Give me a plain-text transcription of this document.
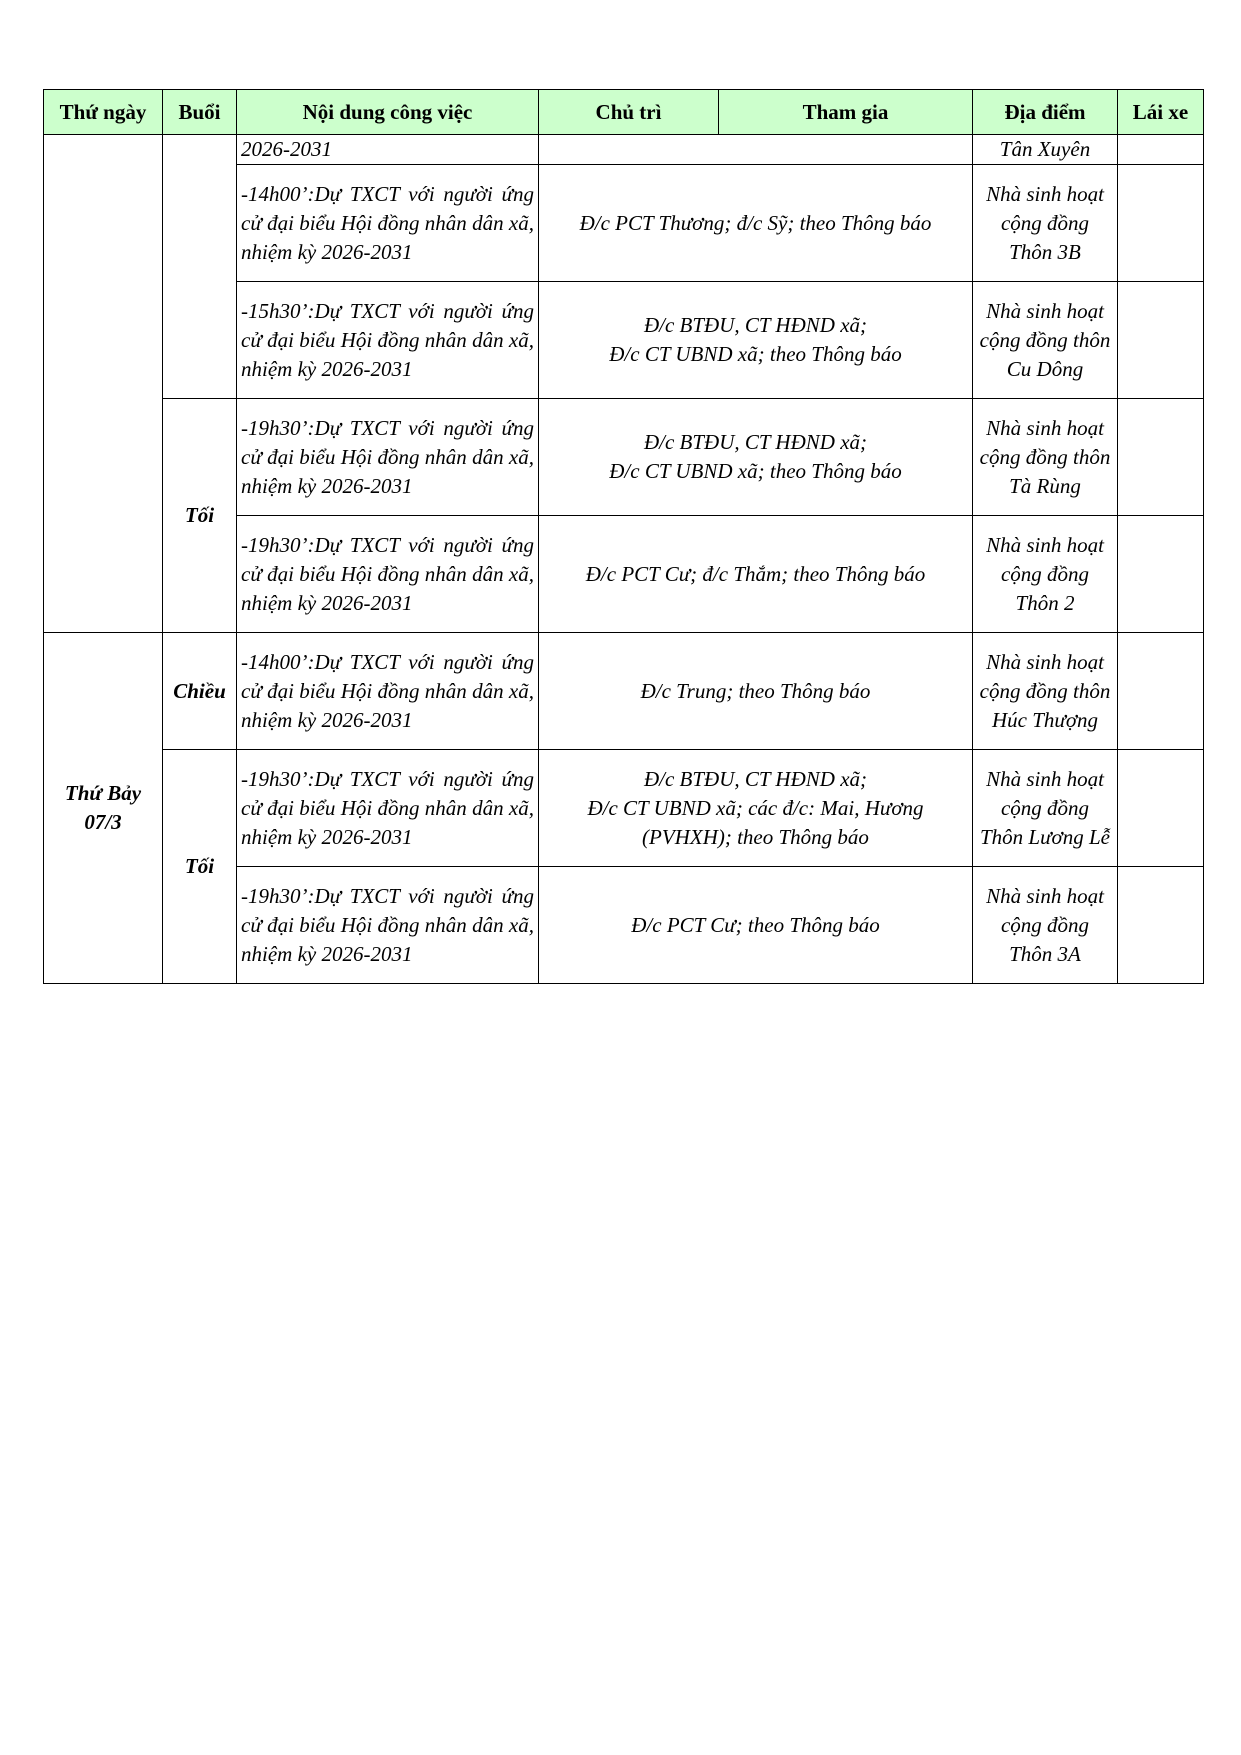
Thứ ngày	Buổi	Nội dung công việc	Chủ trì	Tham gia	Địa điểm	Lái xe
		2026-2031			Tân Xuyên	
		-14h00’:Dự TXCT với người ứng cử đại biểu Hội đồng nhân dân xã, nhiệm kỳ 2026-2031	Đ/c PCT Thương; đ/c Sỹ; theo Thông báo		Nhà sinh hoạt cộng đồng Thôn 3B	
		-15h30’:Dự TXCT với người ứng cử đại biểu Hội đồng nhân dân xã, nhiệm kỳ 2026-2031	Đ/c BTĐU, CT HĐND xã;
Đ/c CT UBND xã; theo Thông báo		Nhà sinh hoạt cộng đồng thôn Cu Dông	
	Tối	-19h30’:Dự TXCT với người ứng cử đại biểu Hội đồng nhân dân xã, nhiệm kỳ 2026-2031	Đ/c BTĐU, CT HĐND xã;
Đ/c CT UBND xã; theo Thông báo		Nhà sinh hoạt cộng đồng thôn Tà Rùng	
		-19h30’:Dự TXCT với người ứng cử đại biểu Hội đồng nhân dân xã, nhiệm kỳ 2026-2031	Đ/c PCT Cư; đ/c Thắm; theo Thông báo		Nhà sinh hoạt cộng đồng Thôn 2	

Thứ Bảy
07/3	Chiều	-14h00’:Dự TXCT với người ứng cử đại biểu Hội đồng nhân dân xã, nhiệm kỳ 2026-2031	Đ/c Trung; theo Thông báo		Nhà sinh hoạt cộng đồng thôn Húc Thượng	
	Tối	-19h30’:Dự TXCT với người ứng cử đại biểu Hội đồng nhân dân xã, nhiệm kỳ 2026-2031	Đ/c BTĐU, CT HĐND xã;
Đ/c CT UBND xã; các đ/c: Mai, Hương
(PVHXH); theo Thông báo		Nhà sinh hoạt cộng đồng Thôn Lương Lễ	
		-19h30’:Dự TXCT với người ứng cử đại biểu Hội đồng nhân dân xã, nhiệm kỳ 2026-2031	Đ/c PCT Cư; theo Thông báo		Nhà sinh hoạt cộng đồng Thôn 3A	
